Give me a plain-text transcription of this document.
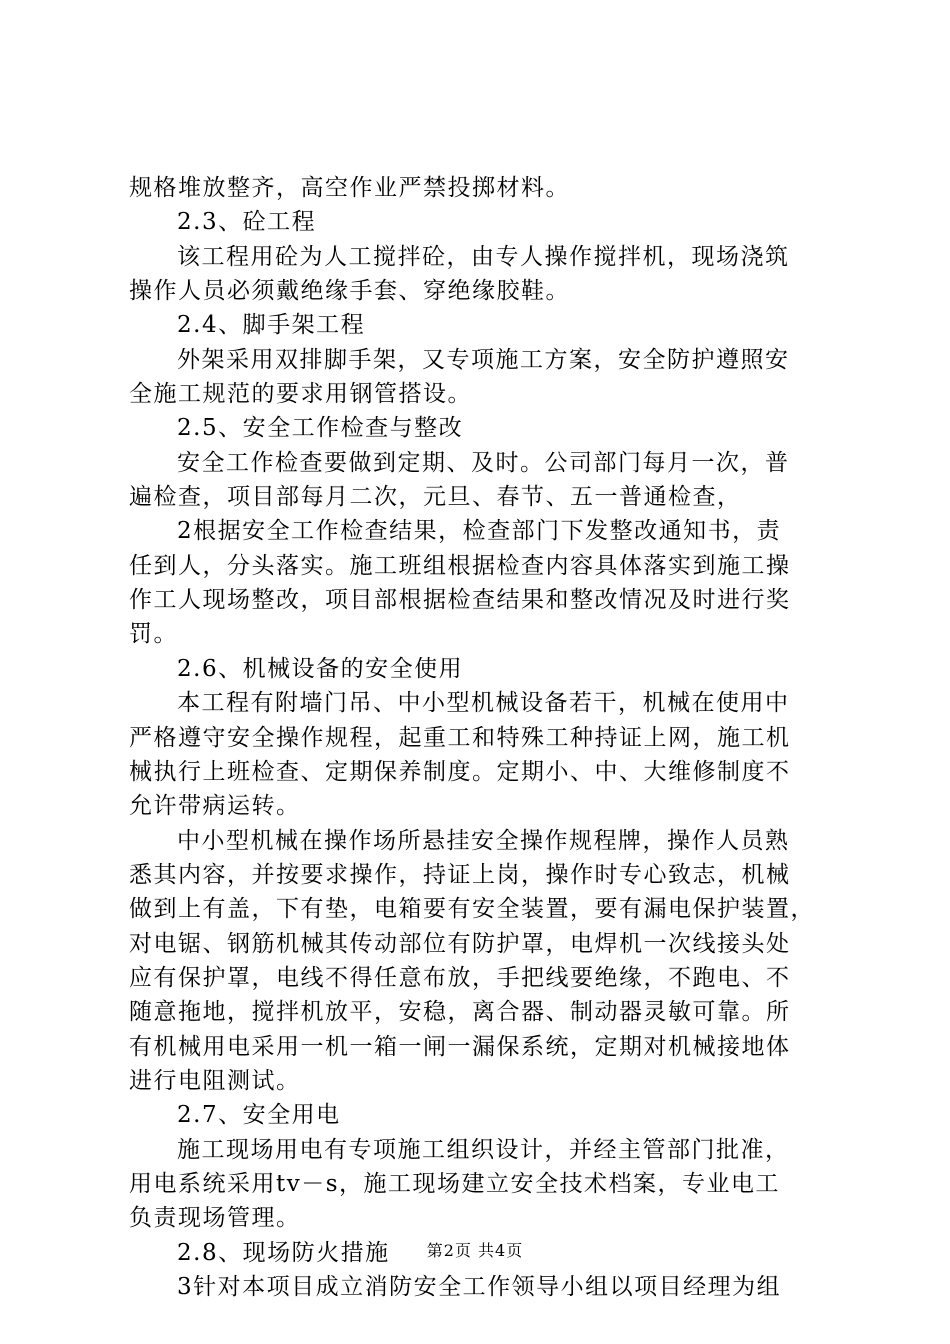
规格堆放整齐，高空作业严禁投掷材料。
2.3、砼工程
该工程用砼为人工搅拌砼，由专人操作搅拌机，现场浇筑
操作人员必须戴绝缘手套、穿绝缘胶鞋。
2.4、脚手架工程
外架采用双排脚手架，又专项施工方案，安全防护遵照安
全施工规范的要求用钢管搭设。
2.5、安全工作检查与整改
安全工作检查要做到定期、及时。公司部门每月一次，普
遍检查，项目部每月二次，元旦、春节、五一普通检查，
2根据安全工作检查结果，检查部门下发整改通知书，责
任到人，分头落实。施工班组根据检查内容具体落实到施工操
作工人现场整改，项目部根据检查结果和整改情况及时进行奖
罚。
2.6、机械设备的安全使用
本工程有附墙门吊、中小型机械设备若干，机械在使用中
严格遵守安全操作规程，起重工和特殊工种持证上网，施工机
械执行上班检查、定期保养制度。定期小、中、大维修制度不
允许带病运转。
中小型机械在操作场所悬挂安全操作规程牌，操作人员熟
悉其内容，并按要求操作，持证上岗，操作时专心致志，机械
做到上有盖，下有垫，电箱要有安全装置，要有漏电保护装置，
对电锯、钢筋机械其传动部位有防护罩，电焊机一次线接头处
应有保护罩，电线不得任意布放，手把线要绝缘，不跑电、不
随意拖地，搅拌机放平，安稳，离合器、制动器灵敏可靠。所
有机械用电采用一机一箱一闸一漏保系统，定期对机械接地体
进行电阻测试。
2.7、安全用电
施工现场用电有专项施工组织设计，并经主管部门批准，
用电系统采用tv－s，施工现场建立安全技术档案，专业电工
负责现场管理。
2.8、现场防火措施
3针对本项目成立消防安全工作领导小组以项目经理为组
第2页 共4页
